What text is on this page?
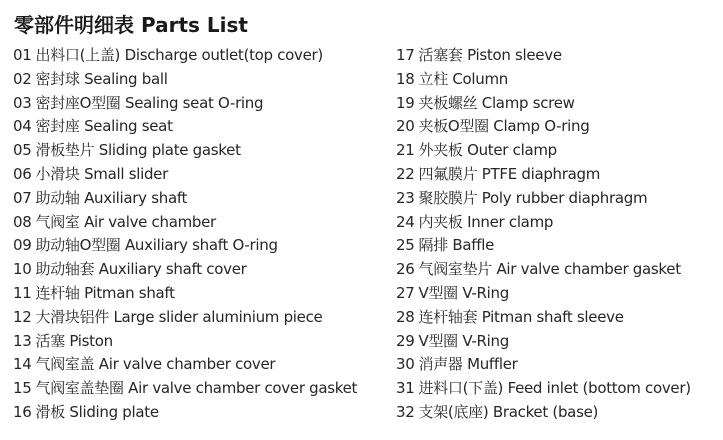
零部件明细表 Parts List
01 出料口(上盖) Discharge outlet(top cover)
02 密封球 Sealing ball
03 密封座O型圈 Sealing seat O-ring
04 密封座 Sealing seat
05 滑板垫片 Sliding plate gasket
06 小滑块 Small slider
07 助动轴 Auxiliary shaft
08 气阀室 Air valve chamber
09 助动轴O型圈 Auxiliary shaft O-ring
10 助动轴套 Auxiliary shaft cover
11 连杆轴 Pitman shaft
12 大滑块铝件 Large slider aluminium piece
13 活塞 Piston
14 气阀室盖 Air valve chamber cover
15 气阀室盖垫圈 Air valve chamber cover gasket
16 滑板 Sliding plate
17 活塞套 Piston sleeve
18 立柱 Column
19 夹板螺丝 Clamp screw
20 夹板O型圈 Clamp O-ring
21 外夹板 Outer clamp
22 四氟膜片 PTFE diaphragm
23 聚胶膜片 Poly rubber diaphragm
24 内夹板 Inner clamp
25 隔排 Baffle
26 气阀室垫片 Air valve chamber gasket
27 V型圈 V-Ring
28 连杆轴套 Pitman shaft sleeve
29 V型圈 V-Ring
30 消声器 Muffler
31 进料口(下盖) Feed inlet (bottom cover)
32 支架(底座) Bracket (base)
